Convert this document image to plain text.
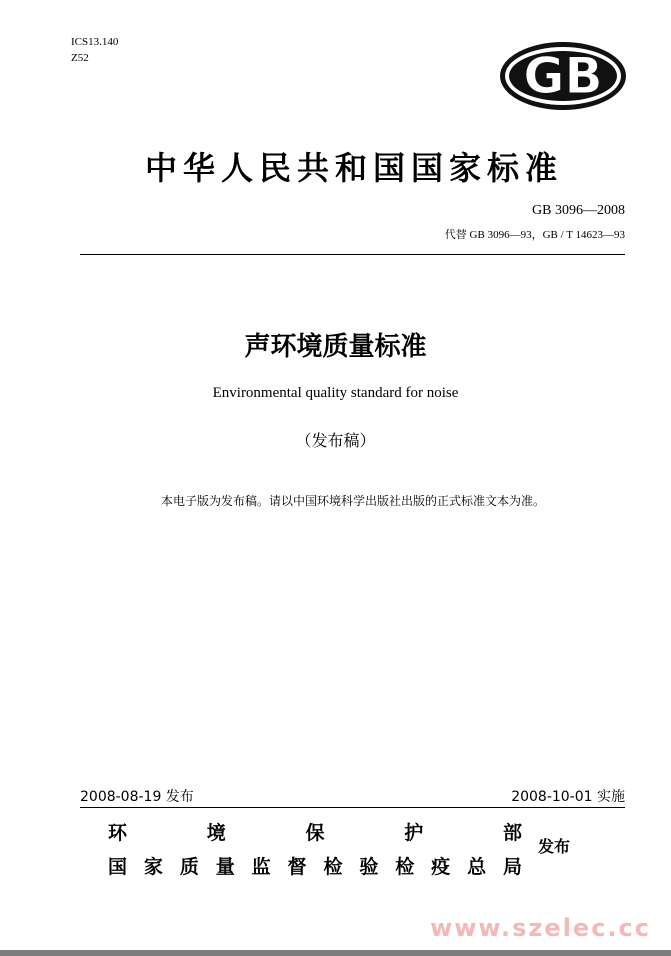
ICS13.140
Z52	GB
中华人民共和国国家标准
GB 3096—2008
代替 GB 3096—93，GB / T 14623—93
声环境质量标准
Environmental quality standard for noise
（发布稿）
本电子版为发布稿。请以中国环境科学出版社出版的正式标准文本为准。
2008-08-19 发布	2008-10-01 实施
环	境	保	护	部
国 家 质 量 监 督 检 验 检 疫 总 局
发布
www.szelec.cc
